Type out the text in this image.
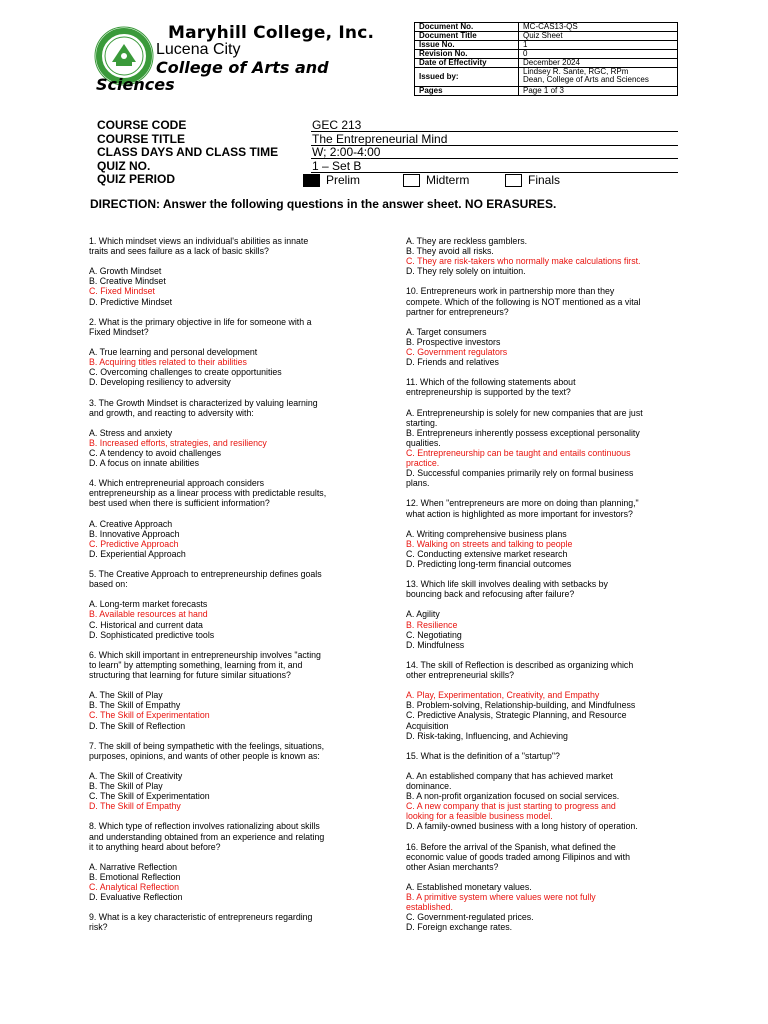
Maryhill College, Inc.
Lucena City
College of Arts and
Sciences
Document No.	MC-CAS13-QS
Document Title	Quiz Sheet
Issue No.	1
Revision No.	0
Date of Effectivity	December 2024
Issued by:	Lindsey R. Sante, RGC, RPm
Dean, College of Arts and Sciences

Pages	Page 1 of 3
COURSE CODE	GEC 213
COURSE TITLE	The Entrepreneurial Mind
CLASS DAYS AND CLASS TIME	W; 2:00-4:00
QUIZ NO.	1 – Set B
QUIZ PERIOD	Prelim	Midterm	Finals
DIRECTION: Answer the following questions in the answer sheet. NO ERASURES.
1. Which mindset views an individual's abilities as innate
traits and sees failure as a lack of basic skills?
A. Growth Mindset
B. Creative Mindset
C. Fixed Mindset
D. Predictive Mindset
2. What is the primary objective in life for someone with a
Fixed Mindset?
A. True learning and personal development
B. Acquiring titles related to their abilities
C. Overcoming challenges to create opportunities
D. Developing resiliency to adversity
3. The Growth Mindset is characterized by valuing learning
and growth, and reacting to adversity with:
A. Stress and anxiety
B. Increased efforts, strategies, and resiliency
C. A tendency to avoid challenges
D. A focus on innate abilities
4. Which entrepreneurial approach considers
entrepreneurship as a linear process with predictable results,
best used when there is sufficient information?
A. Creative Approach
B. Innovative Approach
C. Predictive Approach
D. Experiential Approach
5. The Creative Approach to entrepreneurship defines goals
based on:
A. Long-term market forecasts
B. Available resources at hand
C. Historical and current data
D. Sophisticated predictive tools
6. Which skill important in entrepreneurship involves "acting
to learn" by attempting something, learning from it, and
structuring that learning for future similar situations?
A. The Skill of Play
B. The Skill of Empathy
C. The Skill of Experimentation
D. The Skill of Reflection
7. The skill of being sympathetic with the feelings, situations,
purposes, opinions, and wants of other people is known as:
A. The Skill of Creativity
B. The Skill of Play
C. The Skill of Experimentation
D. The Skill of Empathy
8. Which type of reflection involves rationalizing about skills
and understanding obtained from an experience and relating
it to anything heard about before?
A. Narrative Reflection
B. Emotional Reflection
C. Analytical Reflection
D. Evaluative Reflection
9. What is a key characteristic of entrepreneurs regarding
risk?
A. They are reckless gamblers.
B. They avoid all risks.
C. They are risk-takers who normally make calculations first.
D. They rely solely on intuition.
10. Entrepreneurs work in partnership more than they
compete. Which of the following is NOT mentioned as a vital
partner for entrepreneurs?
A. Target consumers
B. Prospective investors
C. Government regulators
D. Friends and relatives
11. Which of the following statements about
entrepreneurship is supported by the text?
A. Entrepreneurship is solely for new companies that are just
starting.
B. Entrepreneurs inherently possess exceptional personality
qualities.
C. Entrepreneurship can be taught and entails continuous
practice.
D. Successful companies primarily rely on formal business
plans.
12. When "entrepreneurs are more on doing than planning,"
what action is highlighted as more important for investors?
A. Writing comprehensive business plans
B. Walking on streets and talking to people
C. Conducting extensive market research
D. Predicting long-term financial outcomes
13. Which life skill involves dealing with setbacks by
bouncing back and refocusing after failure?
A. Agility
B. Resilience
C. Negotiating
D. Mindfulness
14. The skill of Reflection is described as organizing which
other entrepreneurial skills?
A. Play, Experimentation, Creativity, and Empathy
B. Problem-solving, Relationship-building, and Mindfulness
C. Predictive Analysis, Strategic Planning, and Resource
Acquisition
D. Risk-taking, Influencing, and Achieving
15. What is the definition of a "startup"?
A. An established company that has achieved market
dominance.
B. A non-profit organization focused on social services.
C. A new company that is just starting to progress and
looking for a feasible business model.
D. A family-owned business with a long history of operation.
16. Before the arrival of the Spanish, what defined the
economic value of goods traded among Filipinos and with
other Asian merchants?
A. Established monetary values.
B. A primitive system where values were not fully
established.
C. Government-regulated prices.
D. Foreign exchange rates.
